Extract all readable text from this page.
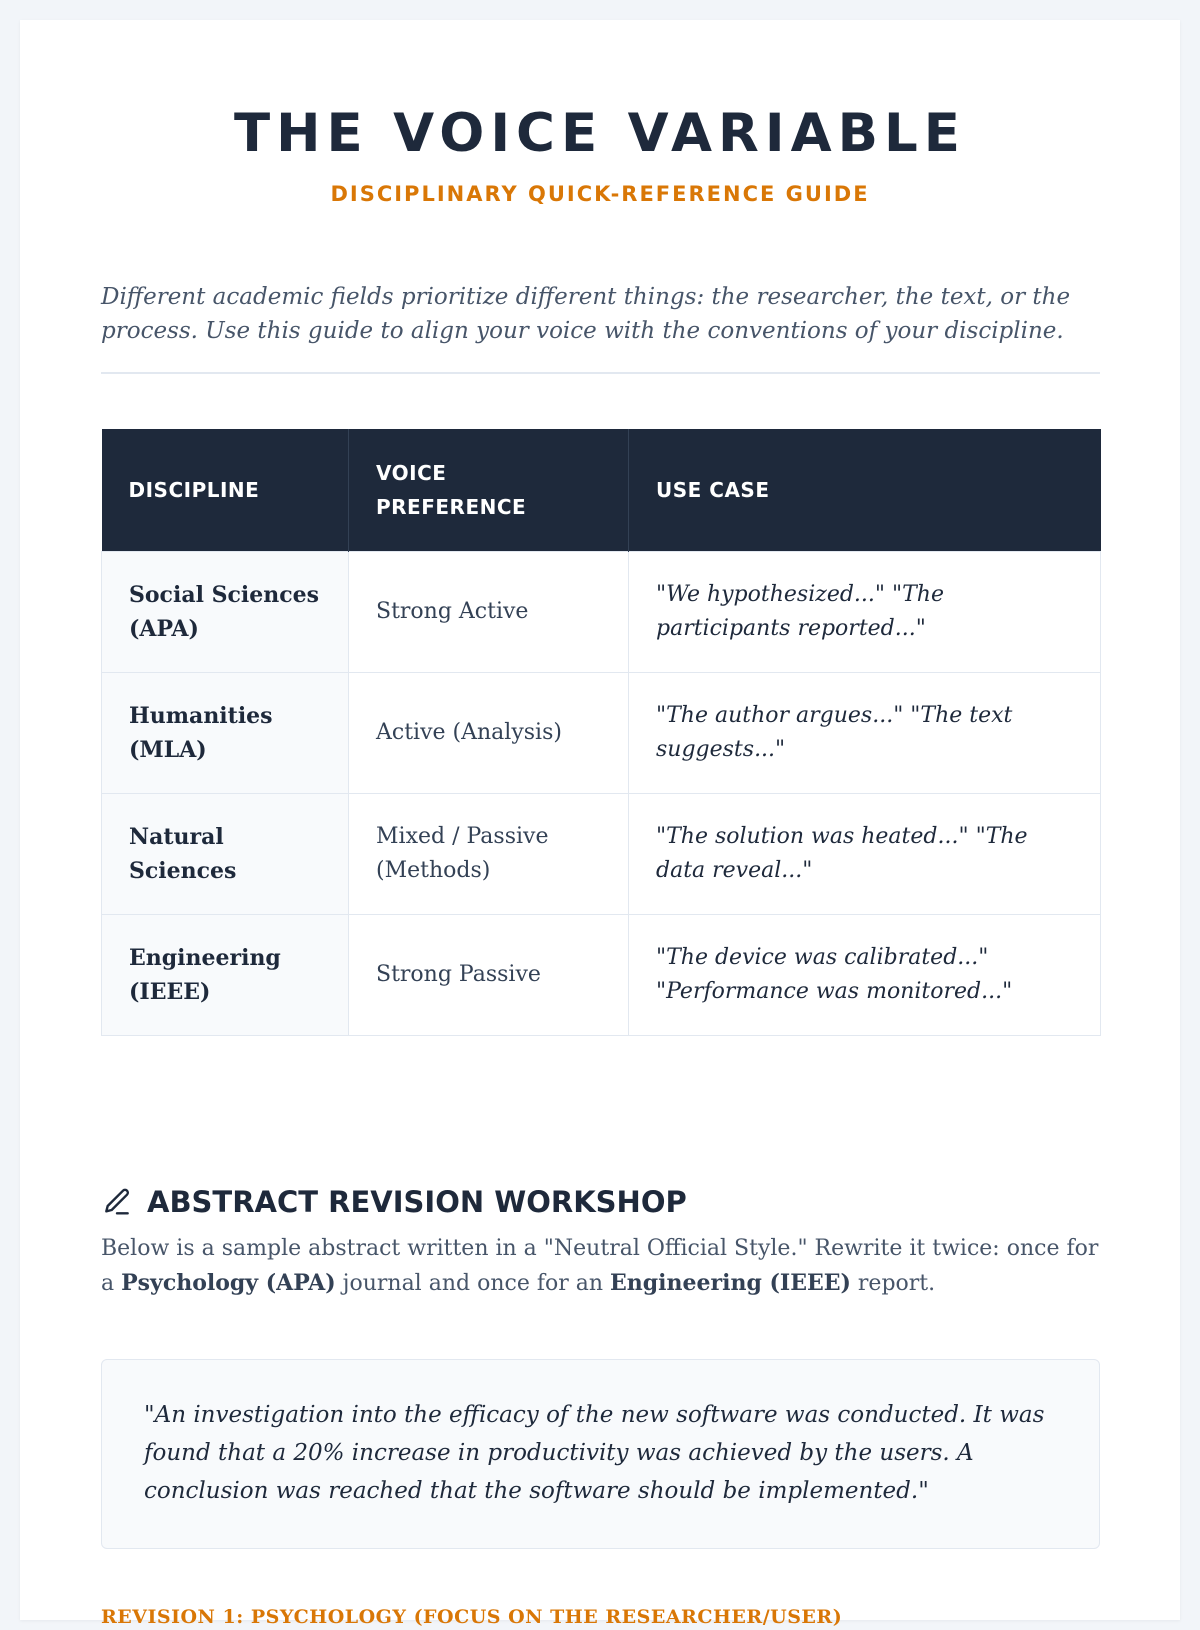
THE VOICE VARIABLE
DISCIPLINARY QUICK-REFERENCE GUIDE

Different academic fields prioritize different things: the researcher, the text, or the process. Use this guide to align your voice with the conventions of your discipline.

DISCIPLINE	VOICE PREFERENCE	USE CASE
Social Sciences (APA)	Strong Active	"We hypothesized..." "The participants reported..."
Humanities (MLA)	Active (Analysis)	"The author argues..." "The text suggests..."
Natural Sciences	Mixed / Passive (Methods)	"The solution was heated..." "The data reveal..."
Engineering (IEEE)	Strong Passive	"The device was calibrated..." "Performance was monitored..."
ABSTRACT REVISION WORKSHOP

Below is a sample abstract written in a "Neutral Official Style." Rewrite it twice: once for a Psychology (APA) journal and once for an Engineering (IEEE) report.

"An investigation into the efficacy of the new software was conducted. It was found that a 20% increase in productivity was achieved by the users. A conclusion was reached that the software should be implemented."

REVISION 1: PSYCHOLOGY (FOCUS ON THE RESEARCHER/USER)
